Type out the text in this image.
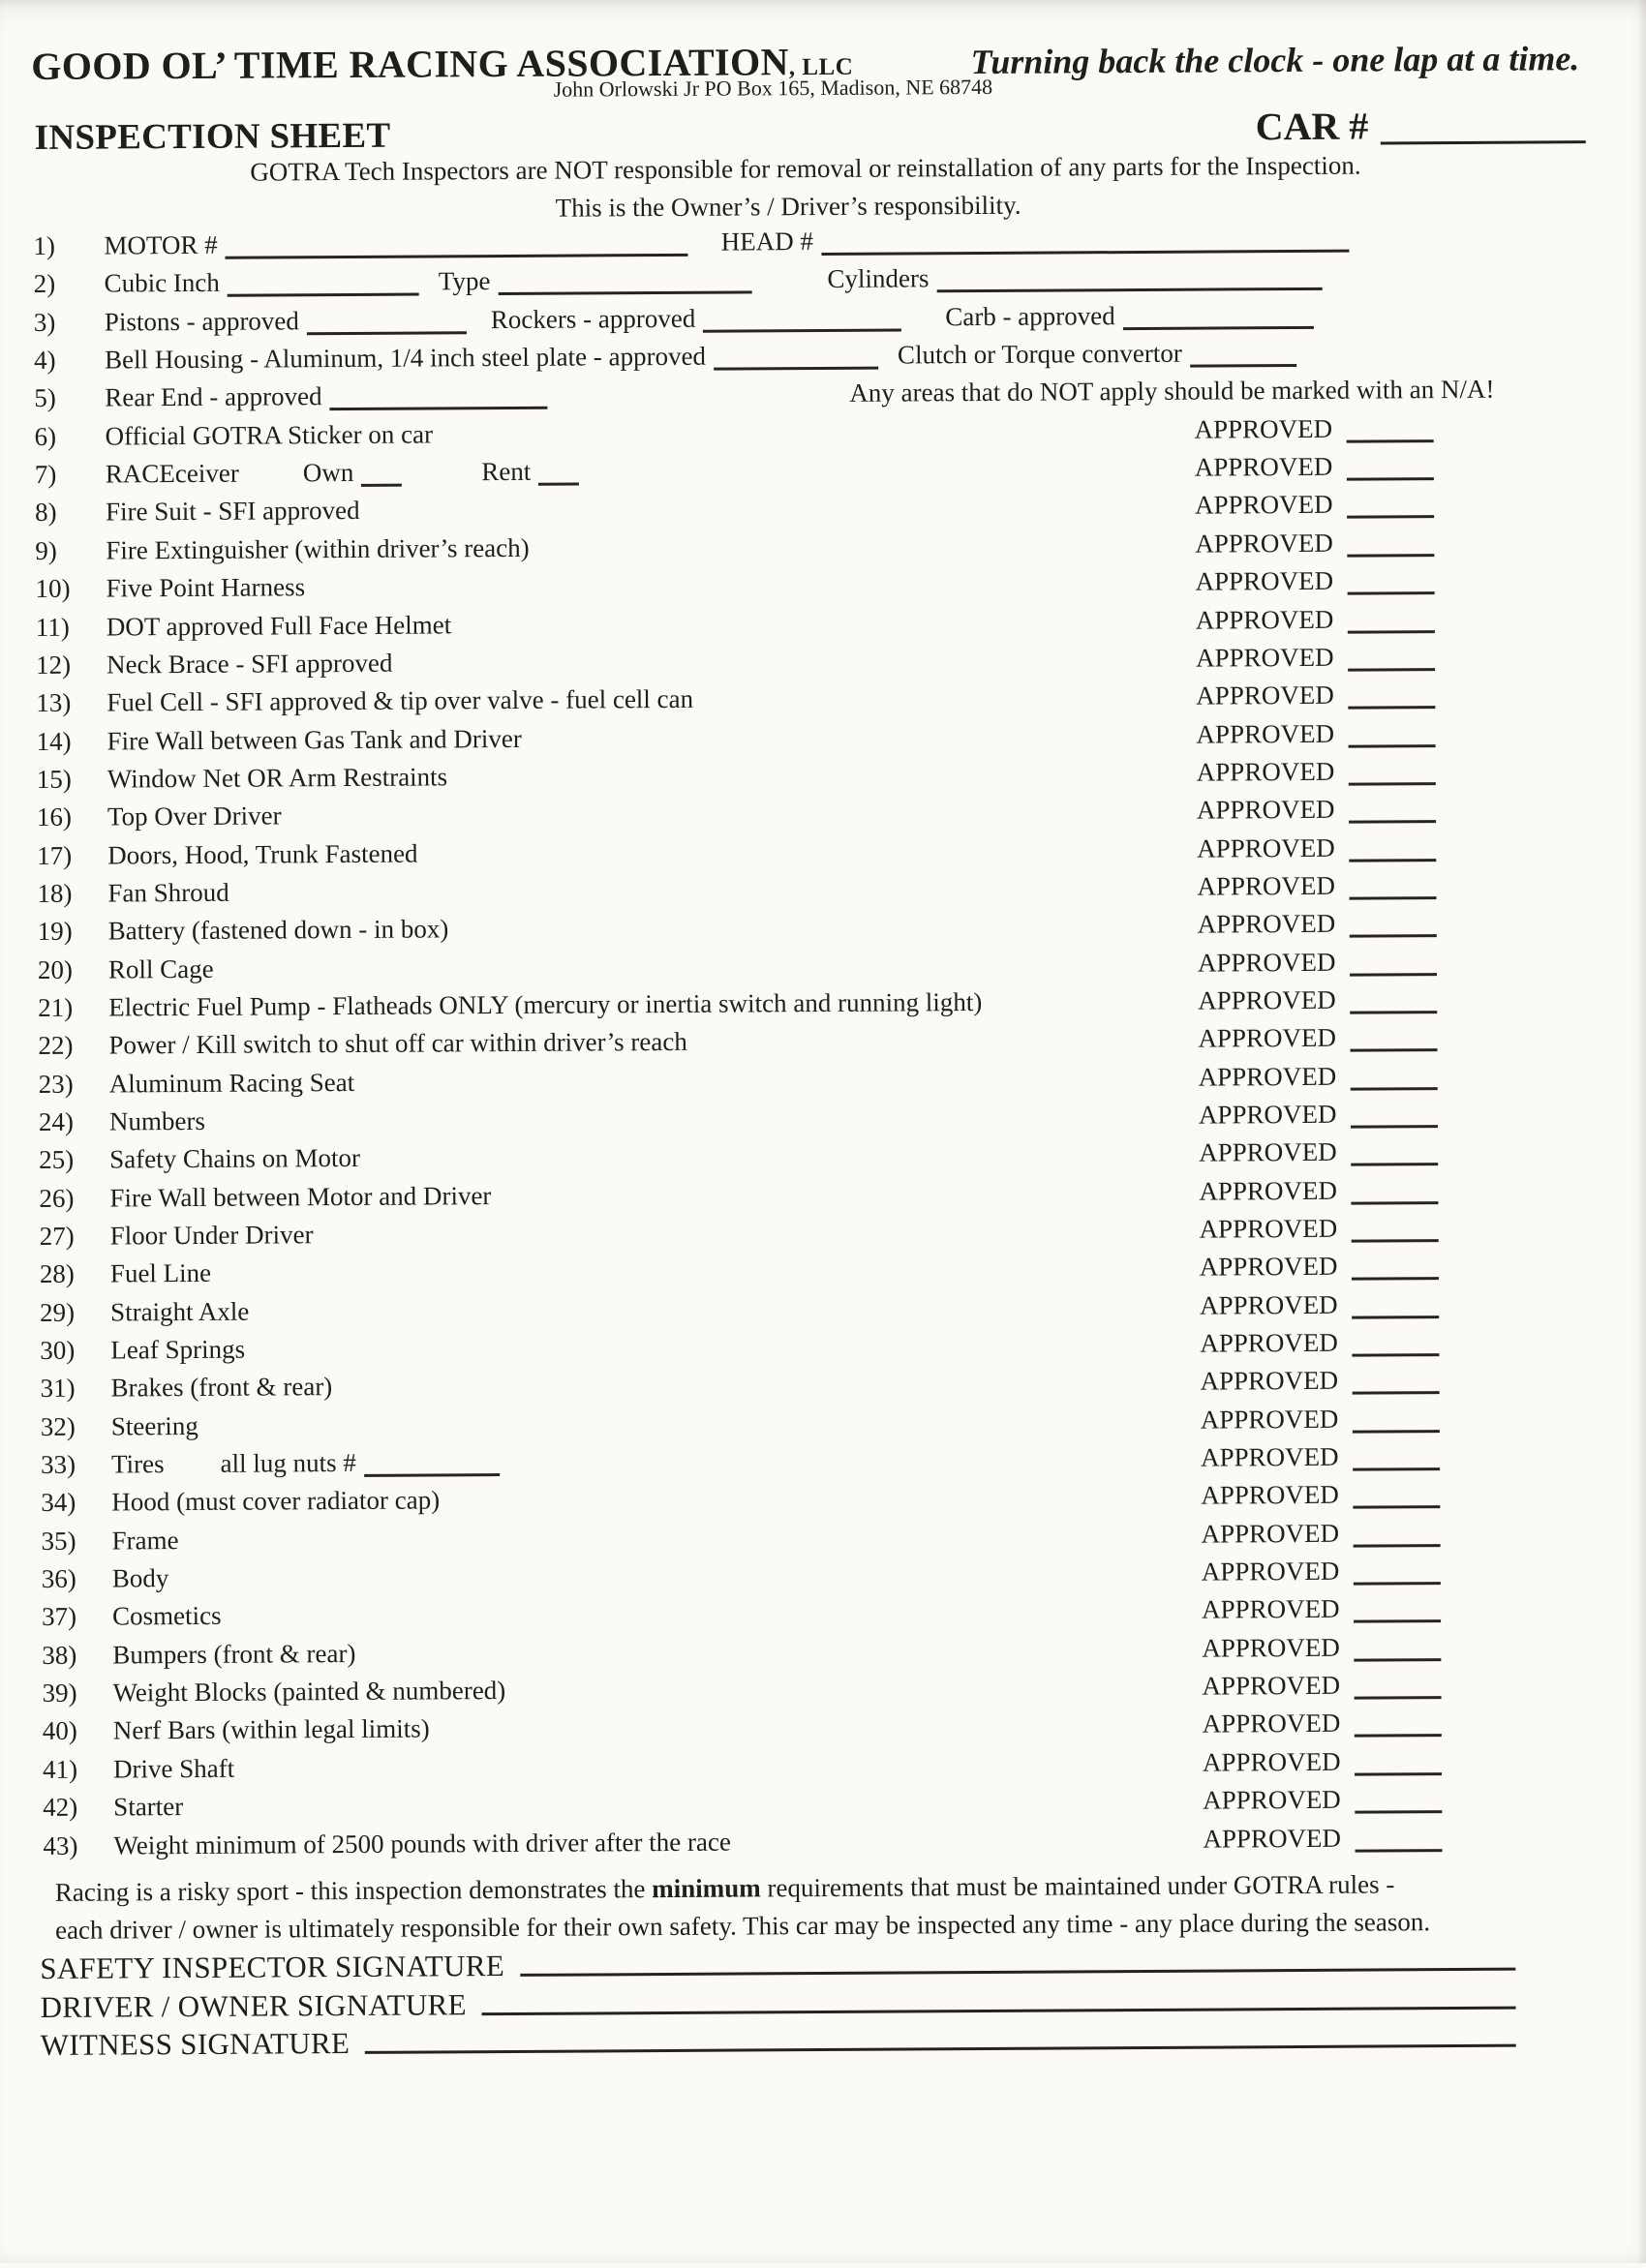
GOOD OL’ TIME RACING ASSOCIATION, LLC	Turning back the clock - one lap at a time.
John Orlowski Jr PO Box 165, Madison, NE 68748
INSPECTION SHEET	CAR #
GOTRA Tech Inspectors are NOT responsible for removal or reinstallation of any parts for the Inspection.
This is the Owner’s / Driver’s responsibility.
1) MOTOR #	HEAD #
2) Cubic Inch	Type	Cylinders
3) Pistons - approved	Rockers - approved	Carb - approved
4) Bell Housing - Aluminum, 1/4 inch steel plate - approved	Clutch or Torque convertor
5) Rear End - approved	Any areas that do NOT apply should be marked with an N/A!
6) Official GOTRA Sticker on car	APPROVED
7) RACEceiver Own	Rent	APPROVED
8) Fire Suit - SFI approved	APPROVED
9) Fire Extinguisher (within driver’s reach)	APPROVED
10) Five Point Harness	APPROVED
11) DOT approved Full Face Helmet	APPROVED
12) Neck Brace - SFI approved	APPROVED
13) Fuel Cell - SFI approved & tip over valve - fuel cell can	APPROVED
14) Fire Wall between Gas Tank and Driver	APPROVED
15) Window Net OR Arm Restraints	APPROVED
16) Top Over Driver	APPROVED
17) Doors, Hood, Trunk Fastened	APPROVED
18) Fan Shroud	APPROVED
19) Battery (fastened down - in box)	APPROVED
20) Roll Cage	APPROVED
21) Electric Fuel Pump - Flatheads ONLY (mercury or inertia switch and running light)	APPROVED
22) Power / Kill switch to shut off car within driver’s reach	APPROVED
23) Aluminum Racing Seat	APPROVED
24) Numbers	APPROVED
25) Safety Chains on Motor	APPROVED
26) Fire Wall between Motor and Driver	APPROVED
27) Floor Under Driver	APPROVED
28) Fuel Line	APPROVED
29) Straight Axle	APPROVED
30) Leaf Springs	APPROVED
31) Brakes (front & rear)	APPROVED
32) Steering	APPROVED
33) Tires all lug nuts #	APPROVED
34) Hood (must cover radiator cap)	APPROVED
35) Frame	APPROVED
36) Body	APPROVED
37) Cosmetics	APPROVED
38) Bumpers (front & rear)	APPROVED
39) Weight Blocks (painted & numbered)	APPROVED
40) Nerf Bars (within legal limits)	APPROVED
41) Drive Shaft	APPROVED
42) Starter	APPROVED
43) Weight minimum of 2500 pounds with driver after the race	APPROVED
Racing is a risky sport - this inspection demonstrates the minimum requirements that must be maintained under GOTRA rules -
each driver / owner is ultimately responsible for their own safety. This car may be inspected any time - any place during the season.
SAFETY INSPECTOR SIGNATURE
DRIVER / OWNER SIGNATURE
WITNESS SIGNATURE
